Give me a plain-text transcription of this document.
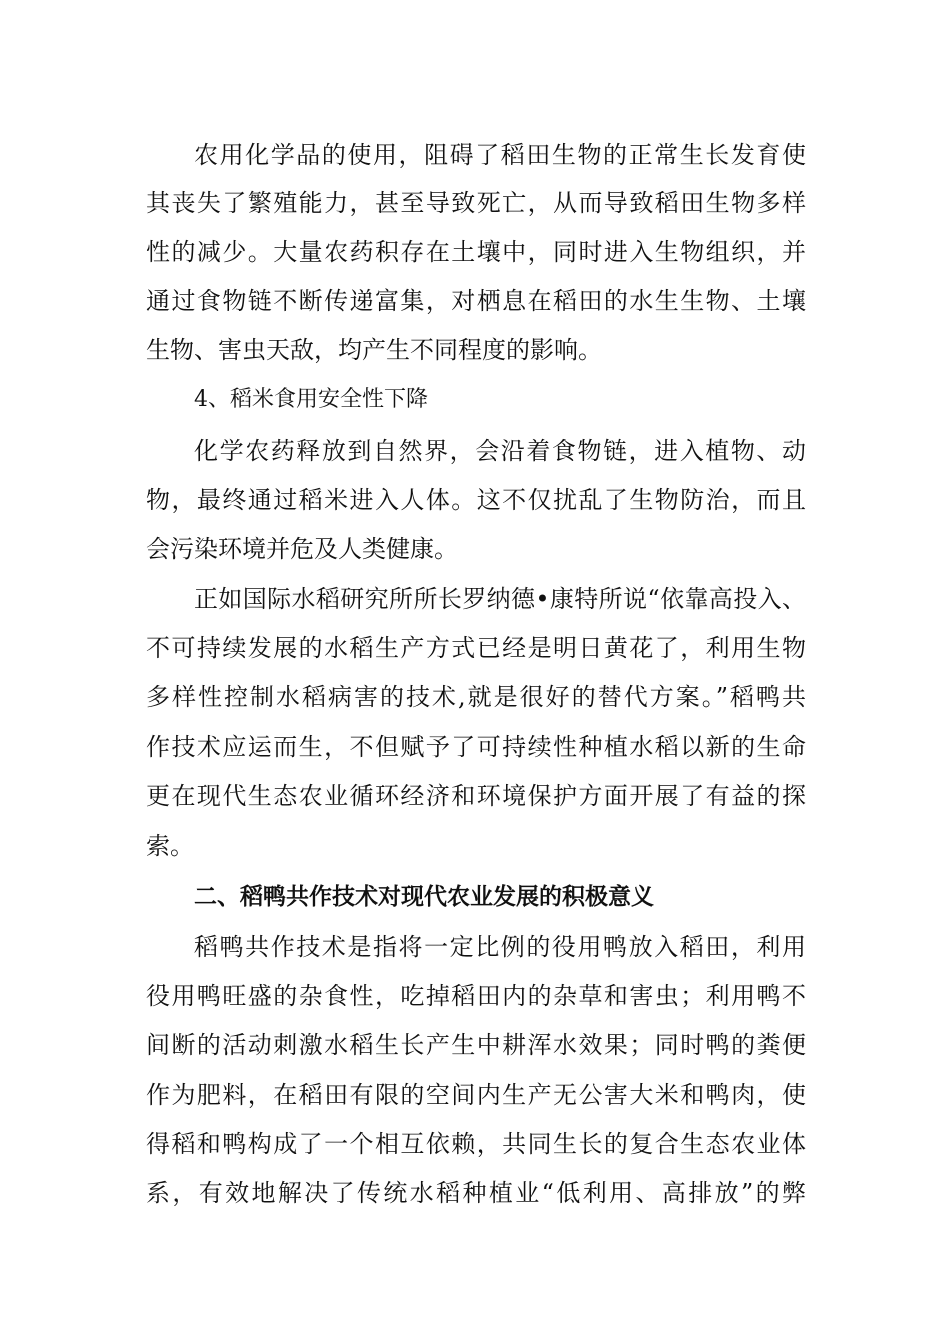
农用化学品的使用，阻碍了稻田生物的正常生长发育使
其丧失了繁殖能力，甚至导致死亡，从而导致稻田生物多样
性的减少。大量农药积存在土壤中，同时进入生物组织，并
通过食物链不断传递富集，对栖息在稻田的水生生物、土壤
生物、害虫天敌，均产生不同程度的影响。
4、稻米食用安全性下降
化学农药释放到自然界，会沿着食物链，进入植物、动
物，最终通过稻米进入人体。这不仅扰乱了生物防治，而且
会污染环境并危及人类健康。
正如国际水稻研究所所长罗纳德•康特所说“依靠高投入、
不可持续发展的水稻生产方式已经是明日黄花了，利用生物
多样性控制水稻病害的技术,就是很好的替代方案。”稻鸭共
作技术应运而生，不但赋予了可持续性种植水稻以新的生命
更在现代生态农业循环经济和环境保护方面开展了有益的探
索。
二、稻鸭共作技术对现代农业发展的积极意义
稻鸭共作技术是指将一定比例的役用鸭放入稻田，利用
役用鸭旺盛的杂食性，吃掉稻田内的杂草和害虫；利用鸭不
间断的活动刺激水稻生长产生中耕浑水效果；同时鸭的粪便
作为肥料，在稻田有限的空间内生产无公害大米和鸭肉，使
得稻和鸭构成了一个相互依赖，共同生长的复合生态农业体
系，有效地解决了传统水稻种植业“低利用、高排放”的弊
